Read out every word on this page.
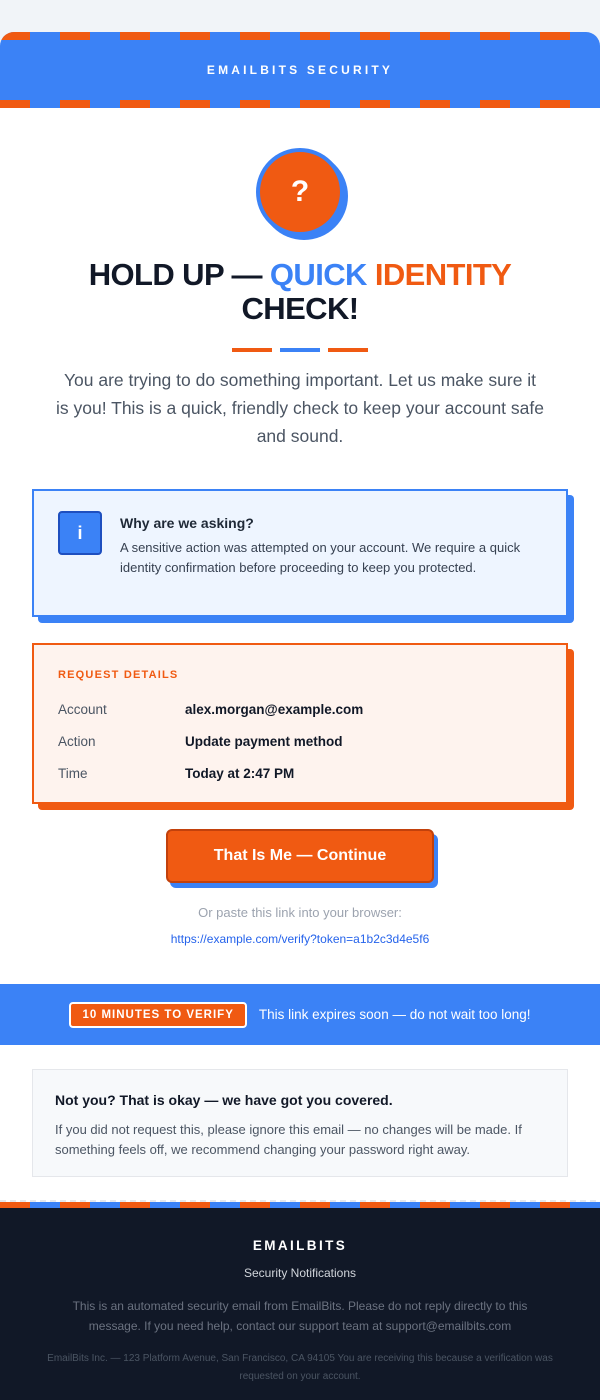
EMAILBITS SECURITY
?
HOLD UP — QUICK IDENTITY
CHECK!

You are trying to do something important. Let us make sure it is you! This is a quick, friendly check to keep your account safe and sound.

i	Why are we asking?
A sensitive action was attempted on your account. We require a quick identity confirmation before proceeding to keep you protected.
REQUEST DETAILS
Account	alex.morgan@example.com
Action	Update payment method
Time	Today at 2:47 PM
That Is Me — Continue
Or paste this link into your browser:
https://example.com/verify?token=a1b2c3d4e5f6
10 MINUTES TO VERIFY	This link expires soon — do not wait too long!
Not you? That is okay — we have got you covered.
If you did not request this, please ignore this email — no changes will be made. If something feels off, we recommend changing your password right away.
EMAILBITS
Security Notifications
This is an automated security email from EmailBits. Please do not reply directly to this message. If you need help, contact our support team at support@emailbits.com
EmailBits Inc. — 123 Platform Avenue, San Francisco, CA 94105 You are receiving this because a verification was requested on your account.
